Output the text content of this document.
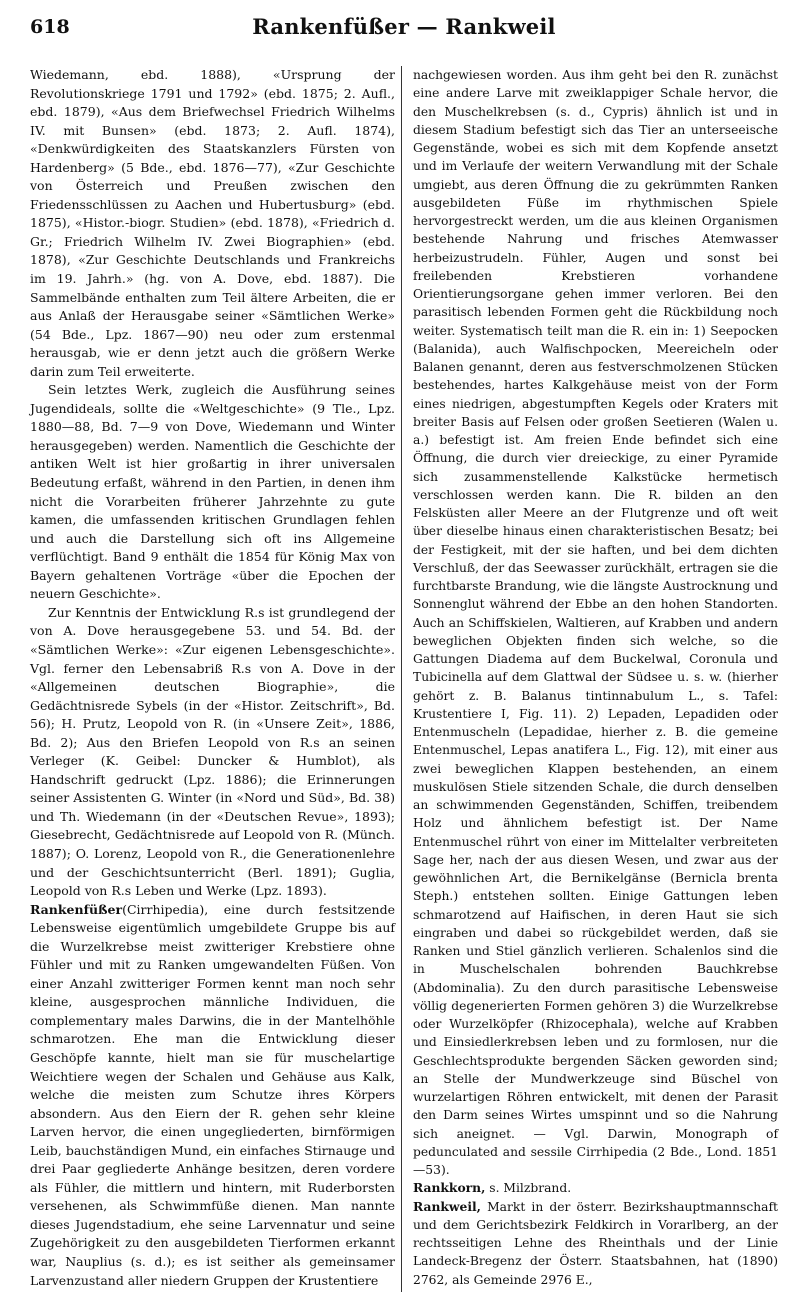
618	Rankenfüßer — Rankweil

Wiedemann, ebd. 1888), «Ursprung der Revolutionskriege 1791 und 1792» (ebd. 1875; 2. Aufl., ebd. 1879), «Aus dem Briefwechsel Friedrich Wilhelms IV. mit Bunsen» (ebd. 1873; 2. Aufl. 1874), «Denkwürdigkeiten des Staatskanzlers Fürsten von Hardenberg» (5 Bde., ebd. 1876—77), «Zur Geschichte von Österreich und Preußen zwischen den Friedensschlüssen zu Aachen und Hubertusburg» (ebd. 1875), «Histor.-biogr. Studien» (ebd. 1878), «Friedrich d. Gr.; Friedrich Wilhelm IV. Zwei Biographien» (ebd. 1878), «Zur Geschichte Deutschlands und Frankreichs im 19. Jahrh.» (hg. von A. Dove, ebd. 1887). Die Sammelbände enthalten zum Teil ältere Arbeiten, die er aus Anlaß der Herausgabe seiner «Sämtlichen Werke» (54 Bde., Lpz. 1867—90) neu oder zum erstenmal herausgab, wie er denn jetzt auch die größern Werke darin zum Teil erweiterte.

Sein letztes Werk, zugleich die Ausführung seines Jugendideals, sollte die «Weltgeschichte» (9 Tle., Lpz. 1880—88, Bd. 7—9 von Dove, Wiedemann und Winter herausgegeben) werden. Namentlich die Geschichte der antiken Welt ist hier großartig in ihrer universalen Bedeutung erfaßt, während in den Partien, in denen ihm nicht die Vorarbeiten früherer Jahrzehnte zu gute kamen, die umfassenden kritischen Grundlagen fehlen und auch die Darstellung sich oft ins Allgemeine verflüchtigt. Band 9 enthält die 1854 für König Max von Bayern gehaltenen Vorträge «über die Epochen der neuern Geschichte».

Zur Kenntnis der Entwicklung R.s ist grundlegend der von A. Dove herausgegebene 53. und 54. Bd. der «Sämtlichen Werke»: «Zur eigenen Lebensgeschichte». Vgl. ferner den Lebensabriß R.s von A. Dove in der «Allgemeinen deutschen Biographie», die Gedächtnisrede Sybels (in der «Histor. Zeitschrift», Bd. 56); H. Prutz, Leopold von R. (in «Unsere Zeit», 1886, Bd. 2); Aus den Briefen Leopold von R.s an seinen Verleger (K. Geibel: Duncker & Humblot), als Handschrift gedruckt (Lpz. 1886); die Erinnerungen seiner Assistenten G. Winter (in «Nord und Süd», Bd. 38) und Th. Wiedemann (in der «Deutschen Revue», 1893); Giesebrecht, Gedächtnisrede auf Leopold von R. (Münch. 1887); O. Lorenz, Leopold von R., die Generationenlehre und der Geschichtsunterricht (Berl. 1891); Guglia, Leopold von R.s Leben und Werke (Lpz. 1893).

Rankenfüßer(Cirrhipedia), eine durch festsitzende Lebensweise eigentümlich umgebildete Gruppe bis auf die Wurzelkrebse meist zwitteriger Krebstiere ohne Fühler und mit zu Ranken umgewandelten Füßen. Von einer Anzahl zwitteriger Formen kennt man noch sehr kleine, ausgesprochen männliche Individuen, die complementary males Darwins, die in der Mantelhöhle schmarotzen. Ehe man die Entwicklung dieser Geschöpfe kannte, hielt man sie für muschelartige Weichtiere wegen der Schalen und Gehäuse aus Kalk, welche die meisten zum Schutze ihres Körpers absondern. Aus den Eiern der R. gehen sehr kleine Larven hervor, die einen ungegliederten, birnförmigen Leib, bauchständigen Mund, ein einfaches Stirnauge und drei Paar gegliederte Anhänge besitzen, deren vordere als Fühler, die mittlern und hintern, mit Ruderborsten versehenen, als Schwimmfüße dienen. Man nannte dieses Jugendstadium, ehe seine Larvennatur und seine Zugehörigkeit zu den ausgebildeten Tierformen erkannt war, Nauplius (s. d.); es ist seither als gemeinsamer Larvenzustand aller niedern Gruppen der Krustentiere

nachgewiesen worden. Aus ihm geht bei den R. zunächst eine andere Larve mit zweiklappiger Schale hervor, die den Muschelkrebsen (s. d., Cypris) ähnlich ist und in diesem Stadium befestigt sich das Tier an unterseeische Gegenstände, wobei es sich mit dem Kopfende ansetzt und im Verlaufe der weitern Verwandlung mit der Schale umgiebt, aus deren Öffnung die zu gekrümmten Ranken ausgebildeten Füße im rhythmischen Spiele hervorgestreckt werden, um die aus kleinen Organismen bestehende Nahrung und frisches Atemwasser herbeizustrudeln. Fühler, Augen und sonst bei freilebenden Krebstieren vorhandene Orientierungsorgane gehen immer verloren. Bei den parasitisch lebenden Formen geht die Rückbildung noch weiter. Systematisch teilt man die R. ein in: 1) Seepocken (Balanida), auch Walfischpocken, Meereicheln oder Balanen genannt, deren aus festverschmolzenen Stücken bestehendes, hartes Kalkgehäuse meist von der Form eines niedrigen, abgestumpften Kegels oder Kraters mit breiter Basis auf Felsen oder großen Seetieren (Walen u. a.) befestigt ist. Am freien Ende befindet sich eine Öffnung, die durch vier dreieckige, zu einer Pyramide sich zusammenstellende Kalkstücke hermetisch verschlossen werden kann. Die R. bilden an den Felsküsten aller Meere an der Flutgrenze und oft weit über dieselbe hinaus einen charakteristischen Besatz; bei der Festigkeit, mit der sie haften, und bei dem dichten Verschluß, der das Seewasser zurückhält, ertragen sie die furchtbarste Brandung, wie die längste Austrocknung und Sonnenglut während der Ebbe an den hohen Standorten. Auch an Schiffskielen, Waltieren, auf Krabben und andern beweglichen Objekten finden sich welche, so die Gattungen Diadema auf dem Buckelwal, Coronula und Tubicinella auf dem Glattwal der Südsee u. s. w. (hierher gehört z. B. Balanus tintinnabulum L., s. Tafel: Krustentiere I, Fig. 11). 2) Lepaden, Lepadiden oder Entenmuscheln (Lepadidae, hierher z. B. die gemeine Entenmuschel, Lepas anatifera L., Fig. 12), mit einer aus zwei beweglichen Klappen bestehenden, an einem muskulösen Stiele sitzenden Schale, die durch denselben an schwimmenden Gegenständen, Schiffen, treibendem Holz und ähnlichem befestigt ist. Der Name Entenmuschel rührt von einer im Mittelalter verbreiteten Sage her, nach der aus diesen Wesen, und zwar aus der gewöhnlichen Art, die Bernikelgänse (Bernicla brenta Steph.) entstehen sollten. Einige Gattungen leben schmarotzend auf Haifischen, in deren Haut sie sich eingraben und dabei so rückgebildet werden, daß sie Ranken und Stiel gänzlich verlieren. Schalenlos sind die in Muschelschalen bohrenden Bauchkrebse (Abdominalia). Zu den durch parasitische Lebensweise völlig degenerierten Formen gehören 3) die Wurzelkrebse oder Wurzelköpfer (Rhizocephala), welche auf Krabben und Einsiedlerkrebsen leben und zu formlosen, nur die Geschlechtsprodukte bergenden Säcken geworden sind; an Stelle der Mundwerkzeuge sind Büschel von wurzelartigen Röhren entwickelt, mit denen der Parasit den Darm seines Wirtes umspinnt und so die Nahrung sich aneignet. — Vgl. Darwin, Monograph of pedunculated and sessile Cirrhipedia (2 Bde., Lond. 1851 —53).

Rankkorn, s. Milzbrand.

Rankweil, Markt in der österr. Bezirkshauptmannschaft und dem Gerichtsbezirk Feldkirch in Vorarlberg, an der rechtsseitigen Lehne des Rheinthals und der Linie Landeck-Bregenz der Österr. Staatsbahnen, hat (1890) 2762, als Gemeinde 2976 E.,
